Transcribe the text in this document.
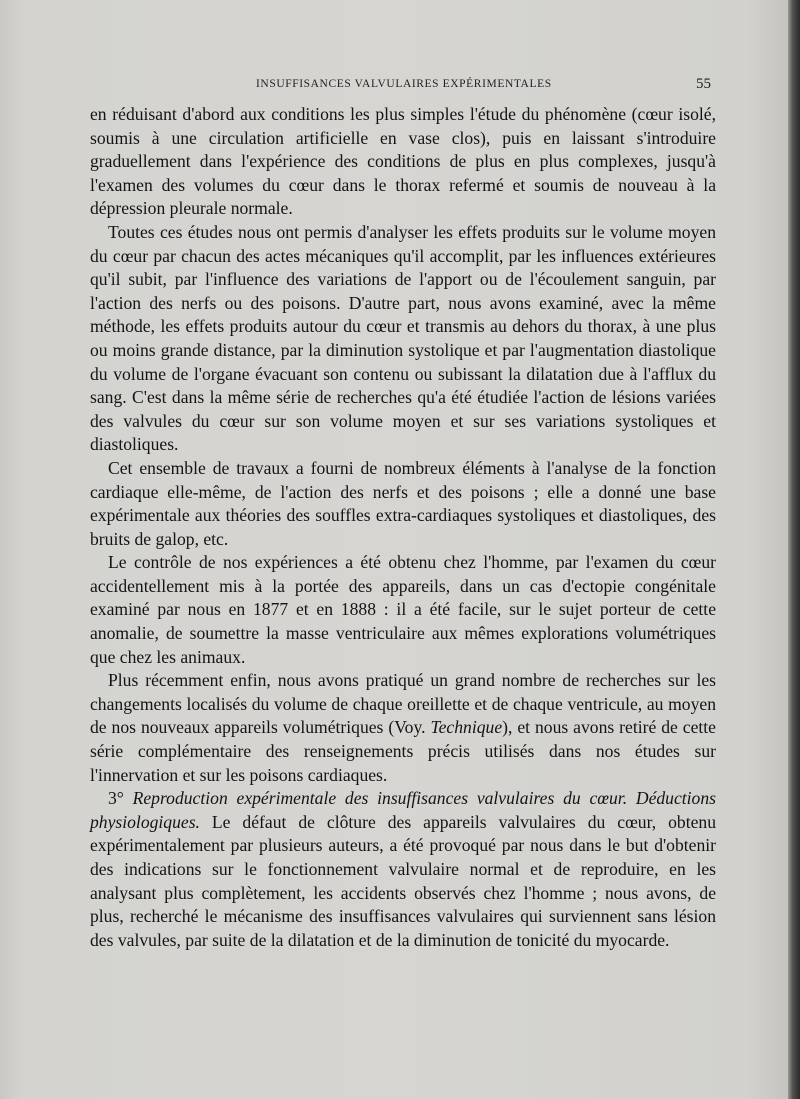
INSUFFISANCES VALVULAIRES EXPÉRIMENTALES	55

en réduisant d'abord aux conditions les plus simples l'étude du phénomène (cœur isolé, soumis à une circulation artificielle en vase clos), puis en laissant s'introduire graduellement dans l'expérience des conditions de plus en plus complexes, jusqu'à l'examen des volumes du cœur dans le thorax refermé et soumis de nouveau à la dépression pleurale normale.

Toutes ces études nous ont permis d'analyser les effets produits sur le volume moyen du cœur par chacun des actes mécaniques qu'il accomplit, par les influences extérieures qu'il subit, par l'influence des variations de l'apport ou de l'écoulement sanguin, par l'action des nerfs ou des poisons. D'autre part, nous avons examiné, avec la même méthode, les effets produits autour du cœur et transmis au dehors du thorax, à une plus ou moins grande distance, par la diminution systolique et par l'augmentation diastolique du volume de l'organe évacuant son contenu ou subissant la dilatation due à l'afflux du sang. C'est dans la même série de recherches qu'a été étudiée l'action de lésions variées des valvules du cœur sur son volume moyen et sur ses variations systoliques et diastoliques.

Cet ensemble de travaux a fourni de nombreux éléments à l'analyse de la fonction cardiaque elle-même, de l'action des nerfs et des poisons ; elle a donné une base expérimentale aux théories des souffles extra-cardiaques systoliques et diastoliques, des bruits de galop, etc.

Le contrôle de nos expériences a été obtenu chez l'homme, par l'examen du cœur accidentellement mis à la portée des appareils, dans un cas d'ectopie congénitale examiné par nous en 1877 et en 1888 : il a été facile, sur le sujet porteur de cette anomalie, de soumettre la masse ventriculaire aux mêmes explorations volumétriques que chez les animaux.

Plus récemment enfin, nous avons pratiqué un grand nombre de recherches sur les changements localisés du volume de chaque oreillette et de chaque ventricule, au moyen de nos nouveaux appareils volumétriques (Voy. Technique), et nous avons retiré de cette série complémentaire des renseignements précis utilisés dans nos études sur l'innervation et sur les poisons cardiaques.

3° Reproduction expérimentale des insuffisances valvulaires du cœur. Déductions physiologiques. Le défaut de clôture des appareils valvulaires du cœur, obtenu expérimentalement par plusieurs auteurs, a été provoqué par nous dans le but d'obtenir des indications sur le fonctionnement valvulaire normal et de reproduire, en les analysant plus complètement, les accidents observés chez l'homme ; nous avons, de plus, recherché le mécanisme des insuffisances valvulaires qui surviennent sans lésion des valvules, par suite de la dilatation et de la diminution de tonicité du myocarde.
